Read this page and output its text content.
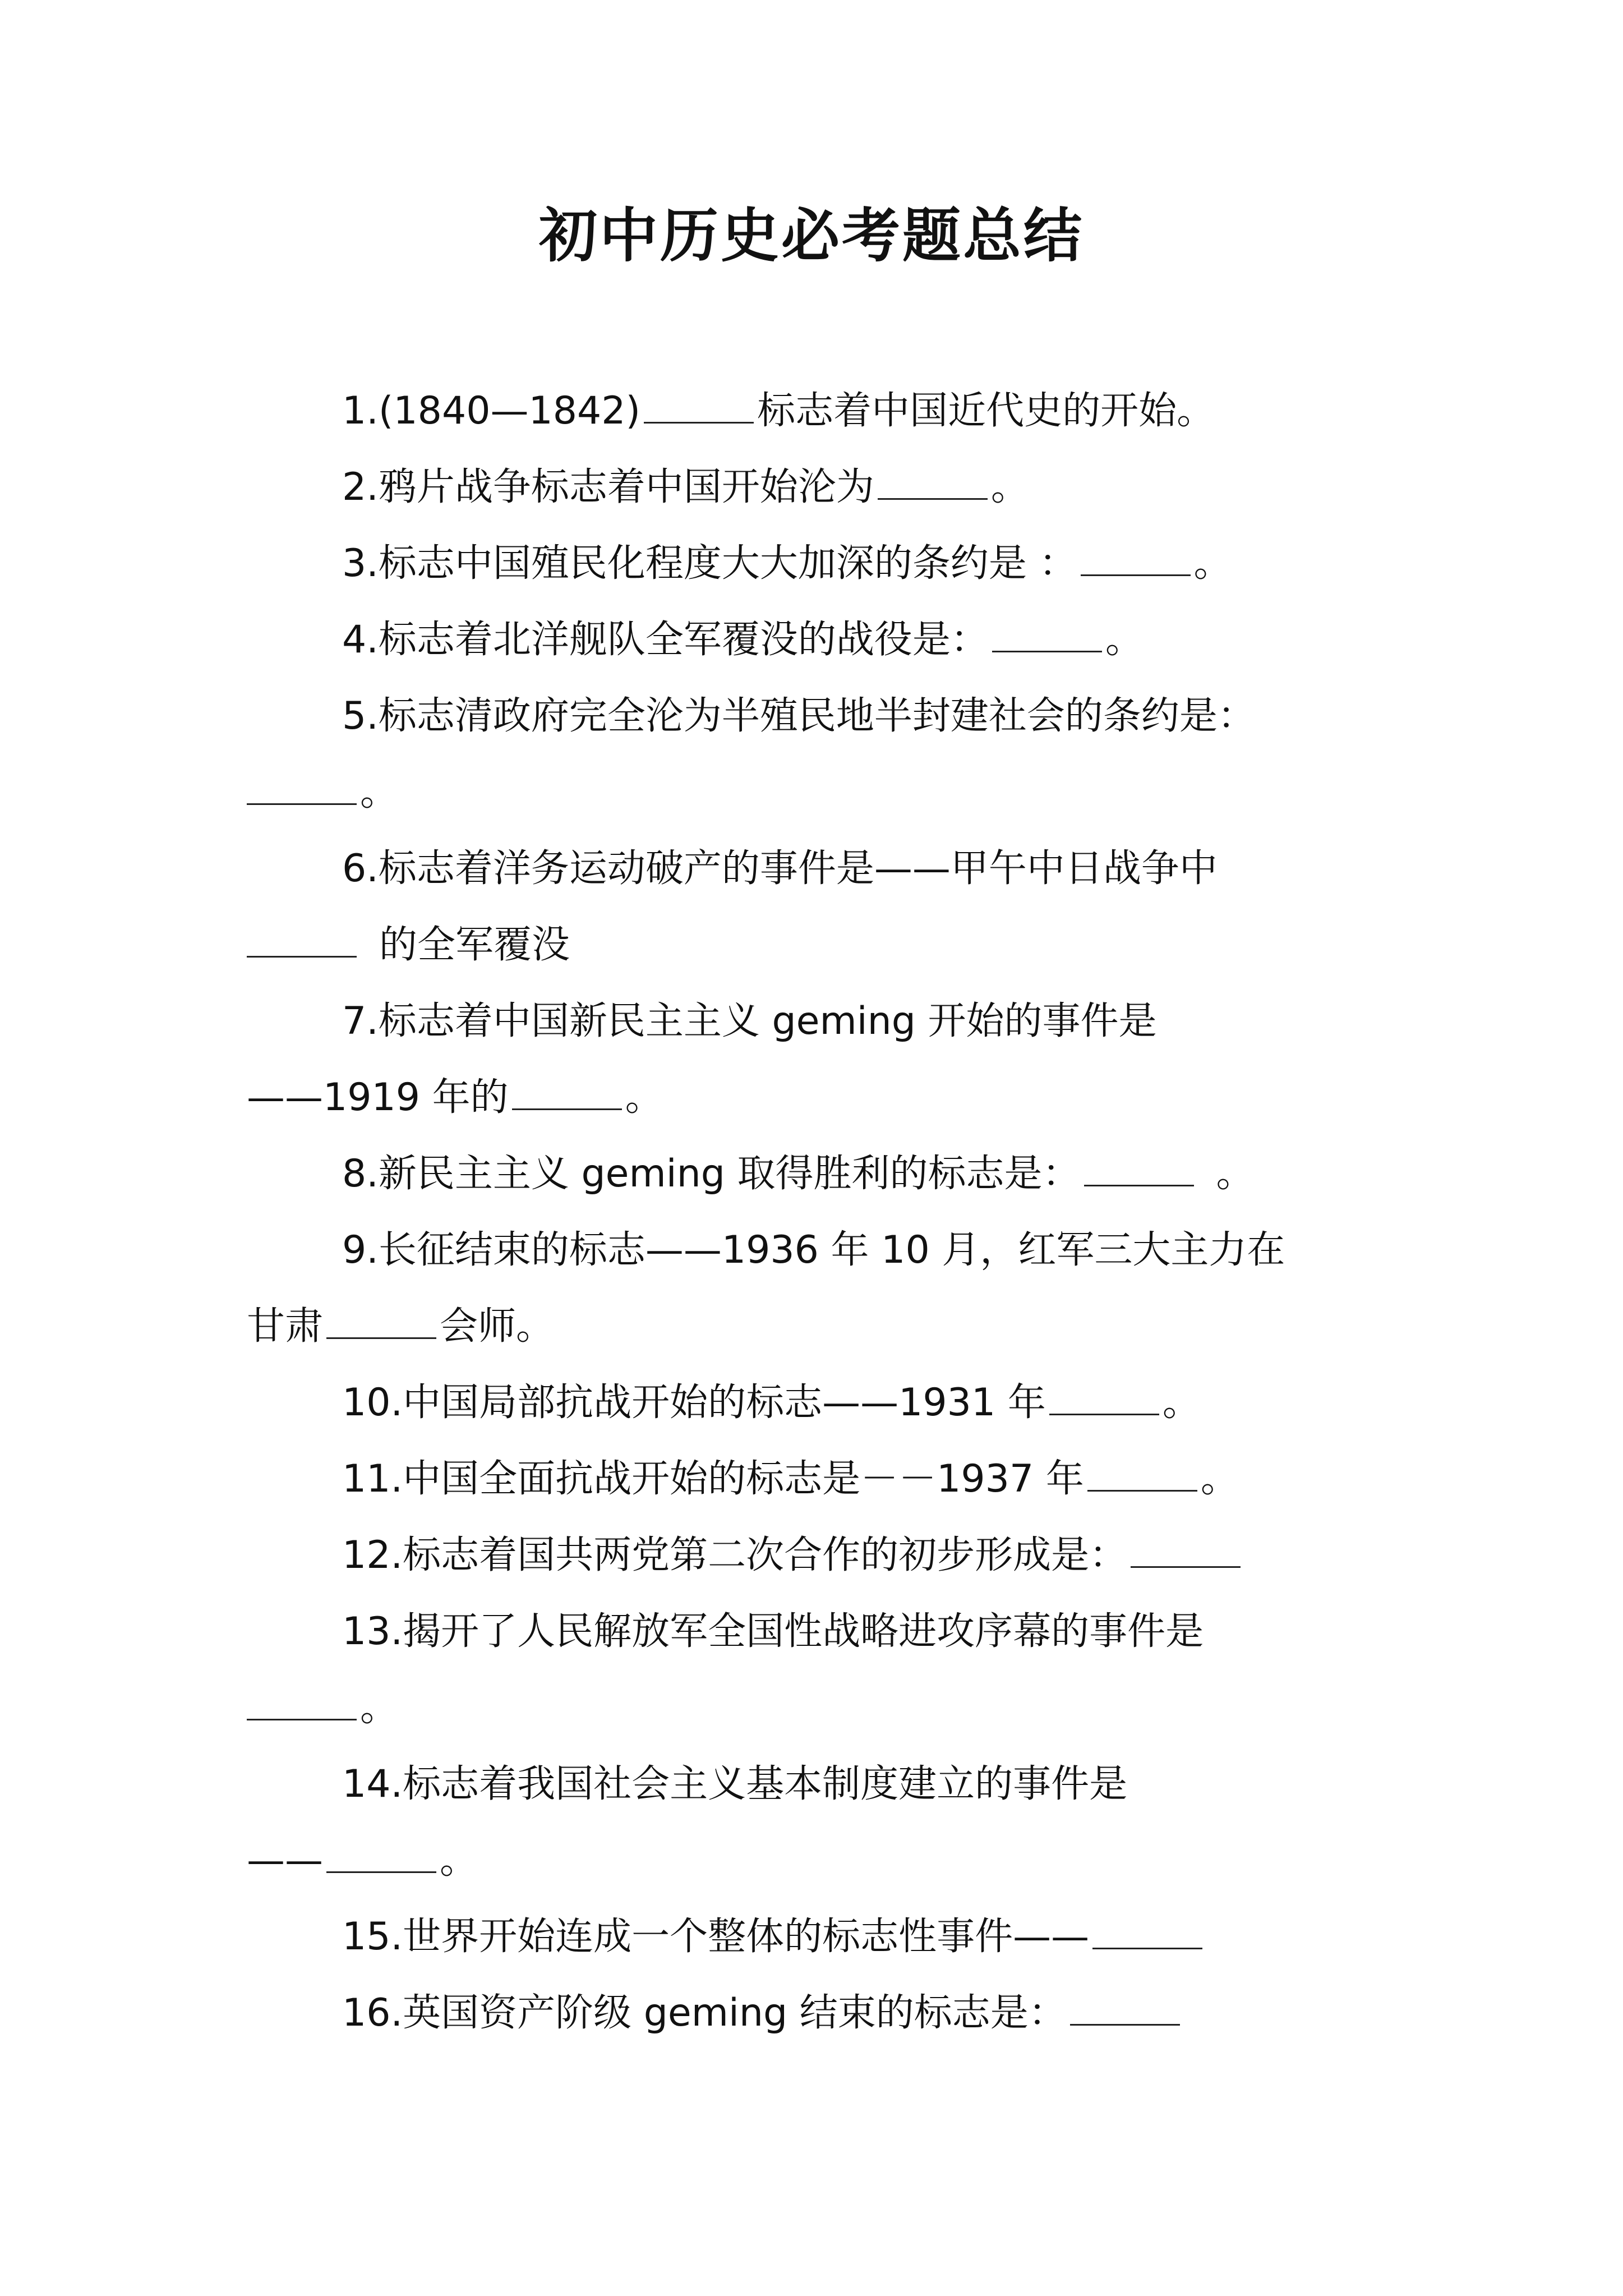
初中历史必考题总结
1.(1840—1842)	标志着中国近代史的开始。
2.鸦片战争标志着中国开始沦为	。
3.标志中国殖民化程度大大加深的条约是 ：	。
4.标志着北洋舰队全军覆没的战役是：	。
5.标志清政府完全沦为半殖民地半封建社会的条约是：
。
6.标志着洋务运动破产的事件是——甲午中日战争中
的全军覆没
7.标志着中国新民主主义 geming 开始的事件是
——1919 年的	。
8.新民主主义 geming 取得胜利的标志是：	。
9.长征结束的标志——1936 年 10 月，红军三大主力在
甘肃	会师。
10.中国局部抗战开始的标志——1931 年	。
11.中国全面抗战开始的标志是－－1937 年	。
12.标志着国共两党第二次合作的初步形成是：
13.揭开了人民解放军全国性战略进攻序幕的事件是
。
14.标志着我国社会主义基本制度建立的事件是
——	。
15.世界开始连成一个整体的标志性事件——
16.英国资产阶级 geming 结束的标志是：
